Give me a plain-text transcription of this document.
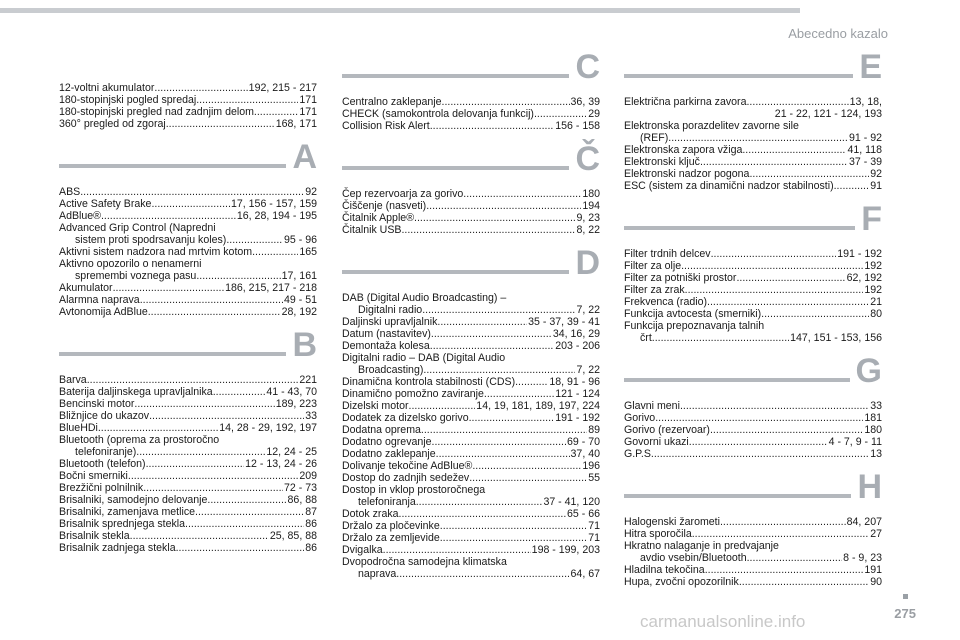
Abecedno kazalo
12-voltni akumulator .....	192, 215 - 217
180-stopinjski pogled spredaj .....	171
180-stopinjski pregled nad zadnjim delom .....	171
360° pregled od zgoraj .....	168, 171
A
ABS .....	92
Active Safety Brake .....	17, 156 - 157, 159
AdBlue® .....	16, 28, 194 - 195
Advanced Grip Control (Napredni
sistem proti spodrsavanju koles) .....	95 - 96
Aktivni sistem nadzora nad mrtvim kotom .....	165
Aktivno opozorilo o nenamerni
spremembi voznega pasu .....	17, 161
Akumulator .....	186, 215, 217 - 218
Alarmna naprava .....	49 - 51
Avtonomija AdBlue .....	28, 192
B
Barva .....	221
Baterija daljinskega upravljalnika .....	41 - 43, 70
Bencinski motor .....	189, 223
Bližnjice do ukazov .....	33
BlueHDi .....	14, 28 - 29, 192, 197
Bluetooth (oprema za prostoročno
telefoniranje) .....	12, 24 - 25
Bluetooth (telefon) .....	12 - 13, 24 - 26
Bočni smerniki .....	209
Brezžični polnilnik .....	72 - 73
Brisalniki, samodejno delovanje .....	86, 88
Brisalniki, zamenjava metlice .....	87
Brisalnik sprednjega stekla .....	86
Brisalnik stekla .....	25, 85, 88
Brisalnik zadnjega stekla .....	86
C
Centralno zaklepanje .....	36, 39
CHECK (samokontrola delovanja funkcij) .....	29
Collision Risk Alert .....	156 - 158
Č
Čep rezervoarja za gorivo .....	180
Čiščenje (nasveti) .....	194
Čitalnik Apple® .....	9, 23
Čitalnik USB .....	8, 22
D
DAB (Digital Audio Broadcasting) –
Digitalni radio .....	7, 22
Daljinski upravljalnik .....	35 - 37, 39 - 41
Datum (nastavitev) .....	34, 16, 29
Demontaža kolesa .....	203 - 206
Digitalni radio – DAB (Digital Audio
Broadcasting) .....	7, 22
Dinamična kontrola stabilnosti (CDS) .....	18, 91 - 96
Dinamično pomožno zaviranje .....	121 - 124
Dizelski motor .....	14, 19, 181, 189, 197, 224
Dodatek za dizelsko gorivo .....	191 - 192
Dodatna oprema .....	89
Dodatno ogrevanje .....	69 - 70
Dodatno zaklepanje .....	37, 40
Dolivanje tekočine AdBlue® .....	196
Dostop do zadnjih sedežev .....	55
Dostop in vklop prostoročnega
telefoniranja .....	37 - 41, 120
Dotok zraka .....	65 - 66
Držalo za pločevinke .....	71
Držalo za zemljevide .....	71
Dvigalka .....	198 - 199, 203
Dvopodročna samodejna klimatska
naprava .....	64, 67
E
Električna parkirna zavora .....	13, 18,
21 - 22, 121 - 124, 193
Elektronska porazdelitev zavorne sile
(REF) .....	91 - 92
Elektronska zapora vžiga .....	41, 118
Elektronski ključ .....	37 - 39
Elektronski nadzor pogona .....	92
ESC (sistem za dinamični nadzor stabilnosti) .....	91
F
Filter trdnih delcev .....	191 - 192
Filter za olje .....	192
Filter za potniški prostor .....	62, 192
Filter za zrak .....	192
Frekvenca (radio) .....	21
Funkcija avtocesta (smerniki) .....	80
Funkcija prepoznavanja talnih
črt .....	147, 151 - 153, 156
G
Glavni meni .....	33
Gorivo .....	181
Gorivo (rezervoar) .....	180
Govorni ukazi .....	4 - 7, 9 - 11
G.P.S. .....	13
H
Halogenski žarometi .....	84, 207
Hitra sporočila .....	27
Hkratno nalaganje in predvajanje
avdio vsebin/Bluetooth .....	8 - 9, 23
Hladilna tekočina .....	191
Hupa, zvočni opozorilnik .....	90
275
carmanualsonline.info
